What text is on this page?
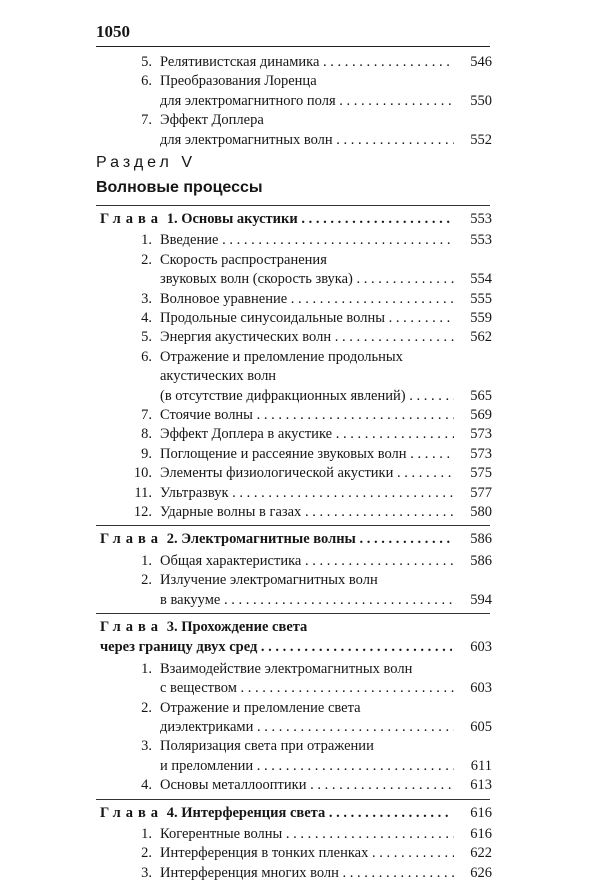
1050
5. Релятивистская динамика . . .	546
6. Преобразования Лоренца
для электромагнитного поля . . .	550
7. Эффект Доплера
для электромагнитных волн . . .	552
Раздел V
Волновые процессы
Глава 1. Основы акустики . . .	553
1. Введение . . .	553
2. Скорость распространения
звуковых волн (скорость звука) . . .	554
3. Волновое уравнение . . .	555
4. Продольные синусоидальные волны . . .	559
5. Энергия акустических волн . . .	562
6. Отражение и преломление продольных
акустических волн
(в отсутствие дифракционных явлений) . . .	565
7. Стоячие волны . . .	569
8. Эффект Доплера в акустике . . .	573
9. Поглощение и рассеяние звуковых волн . . .	573
10. Элементы физиологической акустики . . .	575
11. Ультразвук . . .	577
12. Ударные волны в газах . . .	580
Глава 2. Электромагнитные волны . . .	586
1. Общая характеристика . . .	586
2. Излучение электромагнитных волн
в вакууме . . .	594
Глава 3. Прохождение света
через границу двух сред . . .	603
1. Взаимодействие электромагнитных волн
с веществом . . .	603
2. Отражение и преломление света
диэлектриками . . .	605
3. Поляризация света при отражении
и преломлении . . .	611
4. Основы металлооптики . . .	613
Глава 4. Интерференция света . . .	616
1. Когерентные волны . . .	616
2. Интерференция в тонких пленках . . .	622
3. Интерференция многих волн . . .	626
